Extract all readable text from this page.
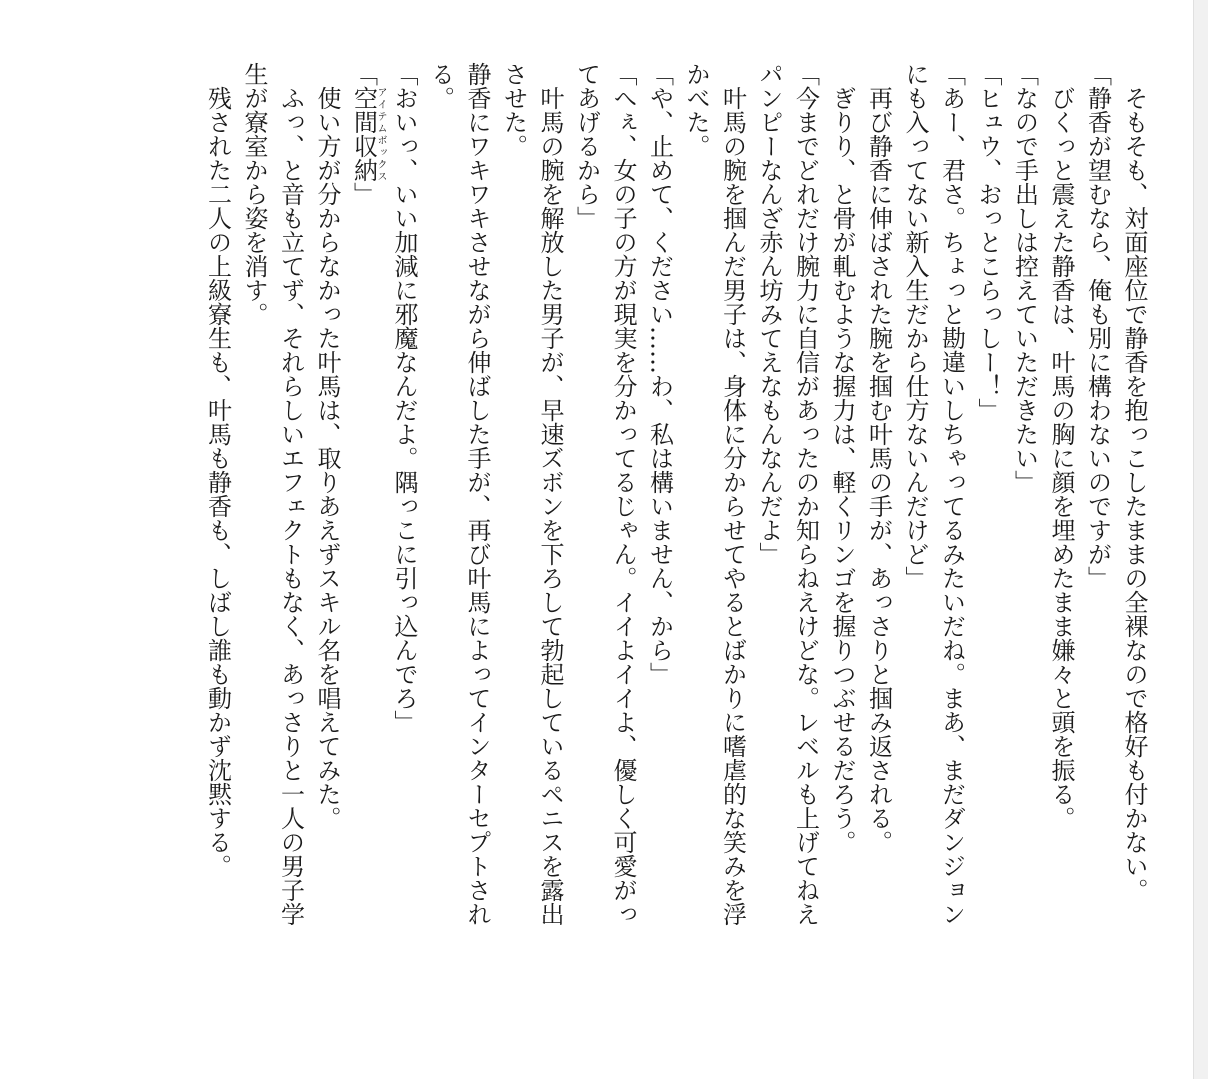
そもそも、対面座位で静香を抱っこしたままの全裸なので格好も付かない。

「静香が望むなら、俺も別に構わないのですが」

びくっと震えた静香は、叶馬の胸に顔を埋めたまま嫌々と頭を振る。

「なので手出しは控えていただきたい」

「ヒュウ、おっとこらっしー！」

「あー、君さ。ちょっと勘違いしちゃってるみたいだね。まあ、まだダンジョンにも入ってない新入生だから仕方ないんだけど」

再び静香に伸ばされた腕を掴む叶馬の手が、あっさりと掴み返される。

ぎりり、と骨が軋むような握力は、軽くリンゴを握りつぶせるだろう。

「今までどれだけ腕力に自信があったのか知らねえけどな。レベルも上げてねえパンピーなんざ赤ん坊みてえなもんなんだよ」

叶馬の腕を掴んだ男子は、身体に分からせてやるとばかりに嗜虐的な笑みを浮かべた。

「や、止めて、ください……わ、私は構いません、から」

「へぇ、女の子の方が現実を分かってるじゃん。イイよイイよ、優しく可愛がってあげるから」

叶馬の腕を解放した男子が、早速ズボンを下ろして勃起しているペニスを露出させた。

静香にワキワキさせながら伸ばした手が、再び叶馬によってインターセプトされる。

「おいっ、いい加減に邪魔なんだよ。隅っこに引っ込んでろ」

「空間収納アイテムボックス」

使い方が分からなかった叶馬は、取りあえずスキル名を唱えてみた。

ふっ、と音も立てず、それらしいエフェクトもなく、あっさりと一人の男子学生が寮室から姿を消す。

残された二人の上級寮生も、叶馬も静香も、しばし誰も動かず沈黙する。
